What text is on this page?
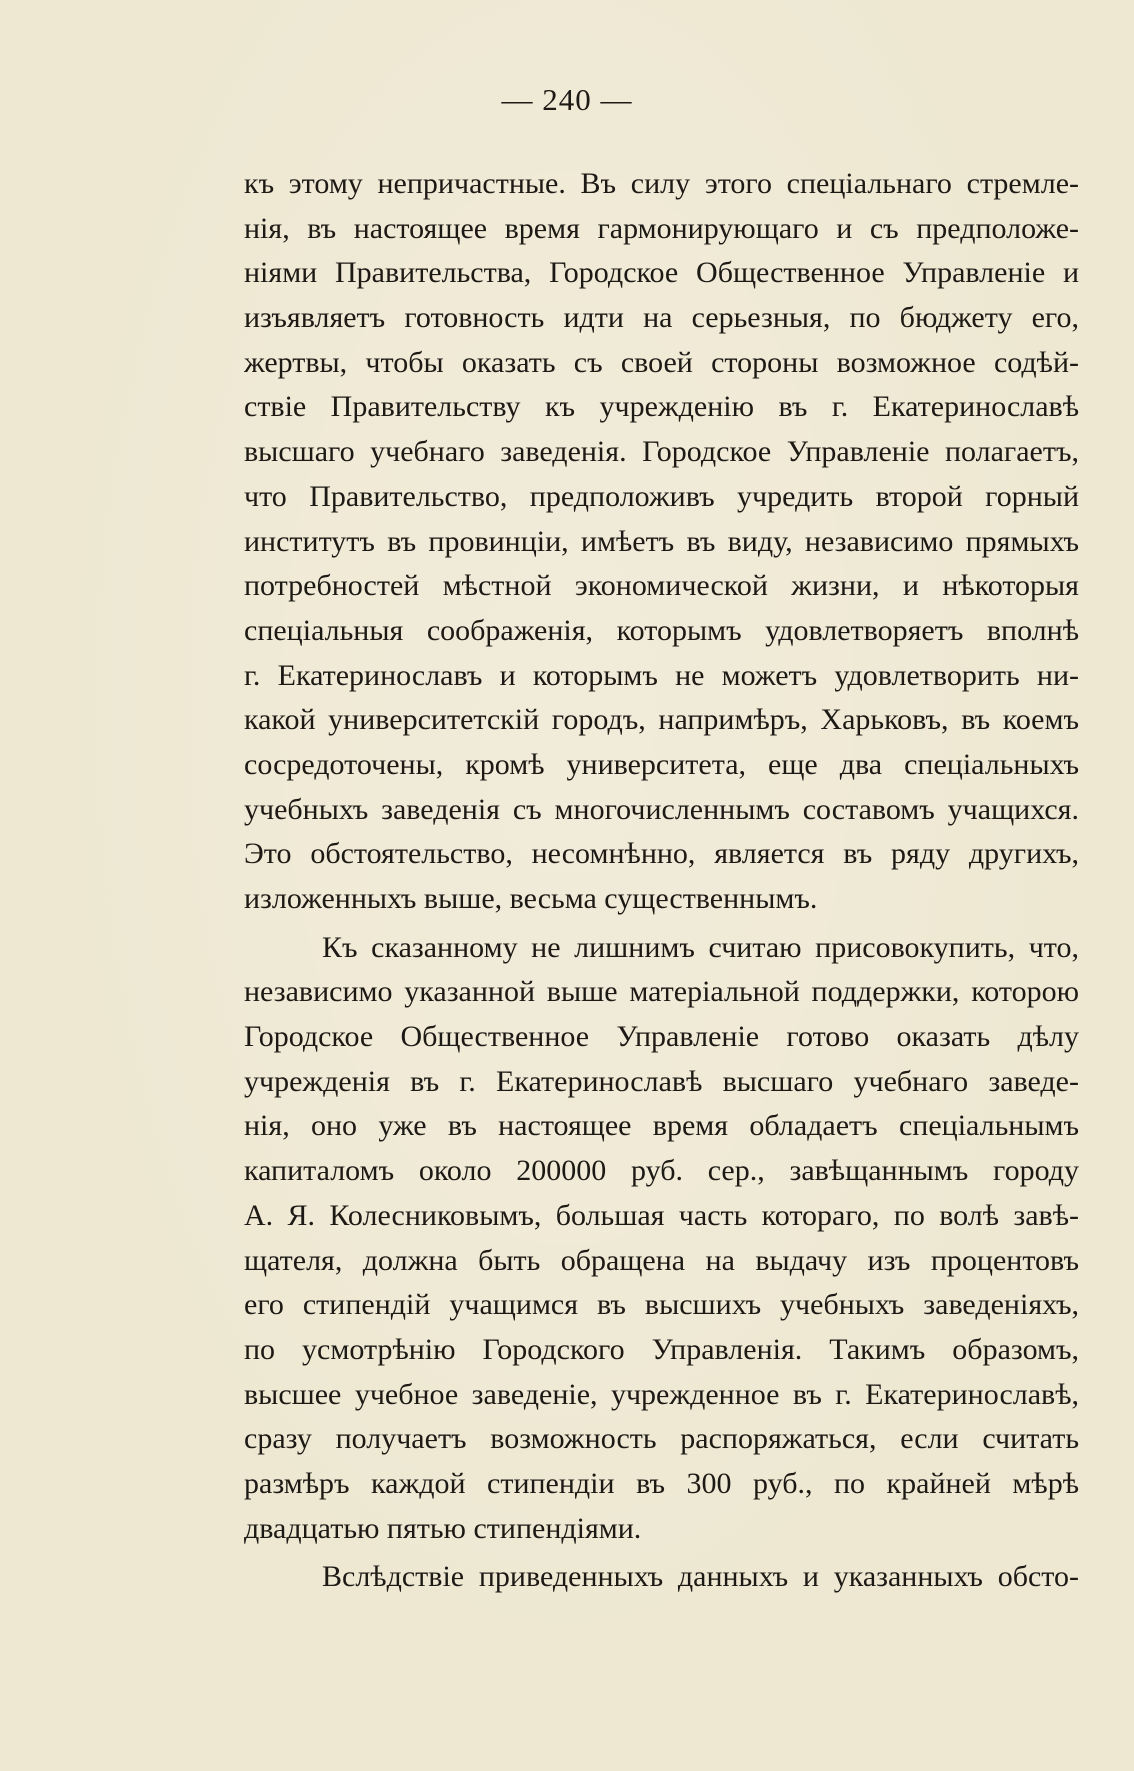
— 240 —
къ этому непричастные. Въ силу этого спеціальнаго стремле-
нія, въ настоящее время гармонирующаго и съ предположе-
ніями Правительства, Городское Общественное Управленіе и
изъявляетъ готовность идти на серьезныя, по бюджету его,
жертвы, чтобы оказать съ своей стороны возможное содѣй-
ствіе Правительству къ учрежденію въ г. Екатеринославѣ
высшаго учебнаго заведенія. Городское Управленіе полагаетъ,
что Правительство, предположивъ учредить второй горный
институтъ въ провинціи, имѣетъ въ виду, независимо прямыхъ
потребностей мѣстной экономической жизни, и нѣкоторыя
спеціальныя соображенія, которымъ удовлетворяетъ вполнѣ
г. Екатеринославъ и которымъ не можетъ удовлетворить ни-
какой университетскій городъ, напримѣръ, Харьковъ, въ коемъ
сосредоточены, кромѣ университета, еще два спеціальныхъ
учебныхъ заведенія съ многочисленнымъ составомъ учащихся.
Это обстоятельство, несомнѣнно, является въ ряду другихъ,
изложенныхъ выше, весьма существеннымъ.
Къ сказанному не лишнимъ считаю присовокупить, что,
независимо указанной выше матеріальной поддержки, которою
Городское Общественное Управленіе готово оказать дѣлу
учрежденія въ г. Екатеринославѣ высшаго учебнаго заведе-
нія, оно уже въ настоящее время обладаетъ спеціальнымъ
капиталомъ около 200000 руб. сер., завѣщаннымъ городу
А. Я. Колесниковымъ, большая часть котораго, по волѣ завѣ-
щателя, должна быть обращена на выдачу изъ процентовъ
его стипендій учащимся въ высшихъ учебныхъ заведеніяхъ,
по усмотрѣнію Городского Управленія. Такимъ образомъ,
высшее учебное заведеніе, учрежденное въ г. Екатеринославѣ,
сразу получаетъ возможность распоряжаться, если считать
размѣръ каждой стипендіи въ 300 руб., по крайней мѣрѣ
двадцатью пятью стипендіями.
Вслѣдствіе приведенныхъ данныхъ и указанныхъ обсто-
